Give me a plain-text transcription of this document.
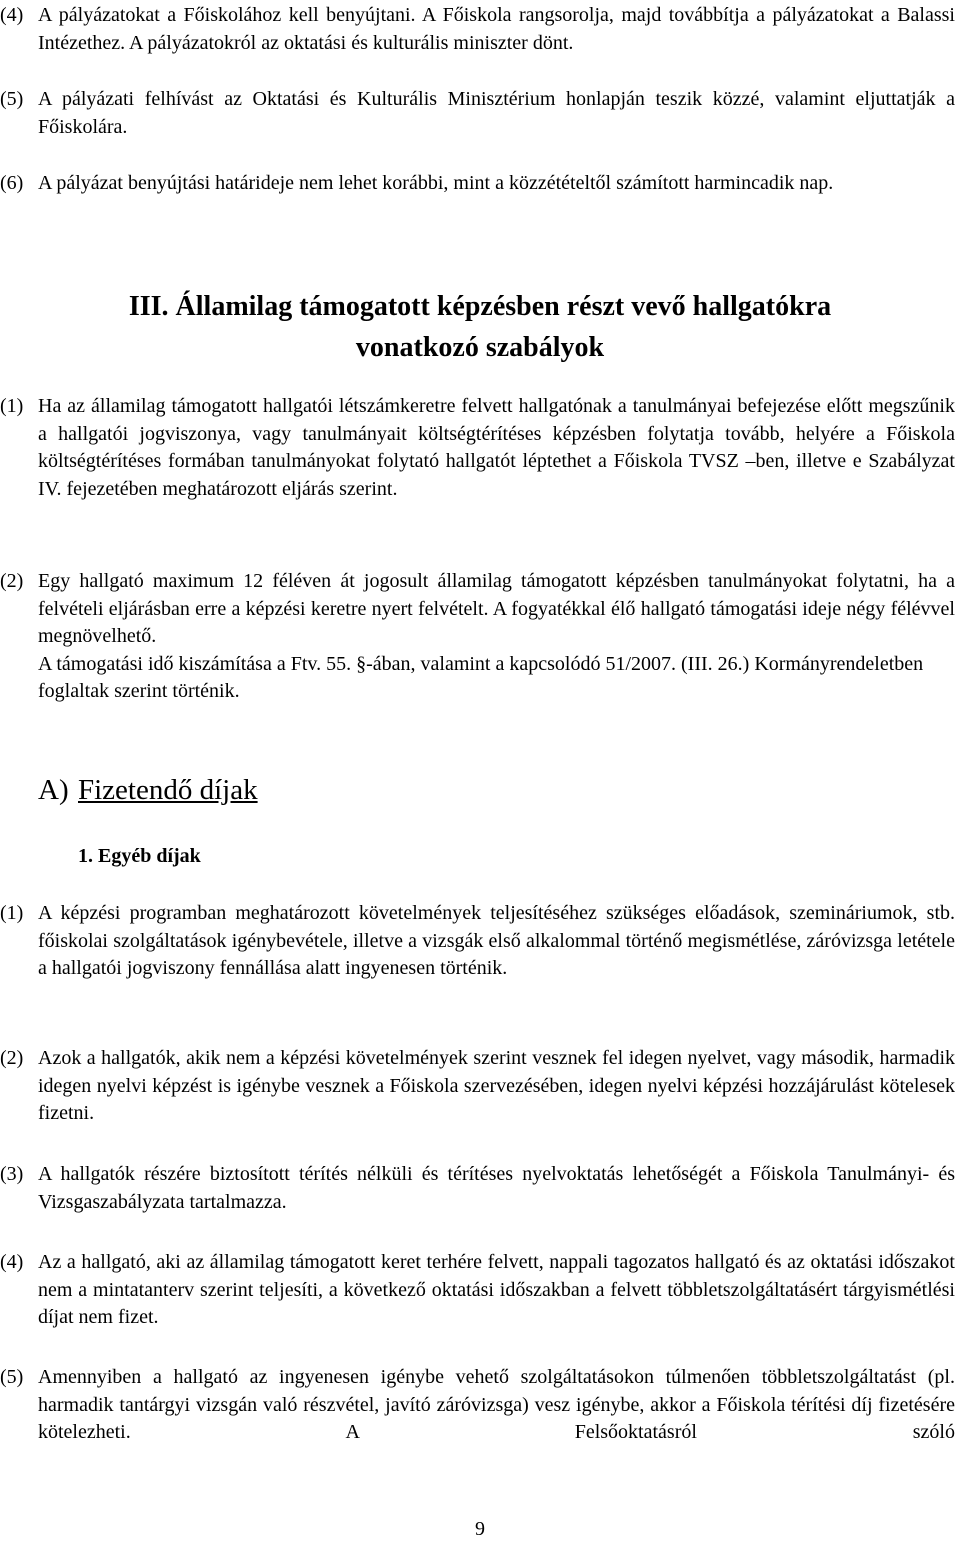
(4) A pályázatokat a Főiskolához kell benyújtani. A Főiskola rangsorolja, majd továbbítja a pályázatokat a Balassi Intézethez. A pályázatokról az oktatási és kulturális miniszter dönt.
(5) A pályázati felhívást az Oktatási és Kulturális Minisztérium honlapján teszik közzé, valamint eljuttatják a Főiskolára.
(6) A pályázat benyújtási határideje nem lehet korábbi, mint a közzétételtől számított harmincadik nap.
III. Államilag támogatott képzésben részt vevő hallgatókra
vonatkozó szabályok
(1) Ha az államilag támogatott hallgatói létszámkeretre felvett hallgatónak a tanulmányai befejezése előtt megszűnik a hallgatói jogviszonya, vagy tanulmányait költségtérítéses képzésben folytatja tovább, helyére a Főiskola költségtérítéses formában tanulmányokat folytató hallgatót léptethet a Főiskola TVSZ –ben, illetve e Szabályzat IV. fejezetében meghatározott eljárás szerint.
(2) Egy hallgató maximum 12 féléven át jogosult államilag támogatott képzésben tanulmányokat folytatni, ha a felvételi eljárásban erre a képzési keretre nyert felvételt. A fogyatékkal élő hallgató támogatási ideje négy félévvel megnövelhető.
A támogatási idő kiszámítása a Ftv. 55. §-ában, valamint a kapcsolódó 51/2007. (III. 26.) Kormányrendeletben foglaltak szerint történik.
A) Fizetendő díjak
1. Egyéb díjak
(1) A képzési programban meghatározott követelmények teljesítéséhez szükséges előadások, szemináriumok, stb. főiskolai szolgáltatások igénybevétele, illetve a vizsgák első alkalommal történő megismétlése, záróvizsga letétele a hallgatói jogviszony fennállása alatt ingyenesen történik.
(2) Azok a hallgatók, akik nem a képzési követelmények szerint vesznek fel idegen nyelvet, vagy második, harmadik idegen nyelvi képzést is igénybe vesznek a Főiskola szervezésében, idegen nyelvi képzési hozzájárulást kötelesek fizetni.
(3) A hallgatók részére biztosított térítés nélküli és térítéses nyelvoktatás lehetőségét a Főiskola Tanulmányi- és Vizsgaszabályzata tartalmazza.
(4) Az a hallgató, aki az államilag támogatott keret terhére felvett, nappali tagozatos hallgató és az oktatási időszakot nem a mintatanterv szerint teljesíti, a következő oktatási időszakban a felvett többletszolgáltatásért tárgyismétlési díjat nem fizet.
(5) Amennyiben a hallgató az ingyenesen igénybe vehető szolgáltatásokon túlmenően többletszolgáltatást (pl. harmadik tantárgyi vizsgán való részvétel, javító záróvizsga) vesz igénybe, akkor a Főiskola térítési díj fizetésére kötelezheti. A Felsőoktatásról szóló
9
